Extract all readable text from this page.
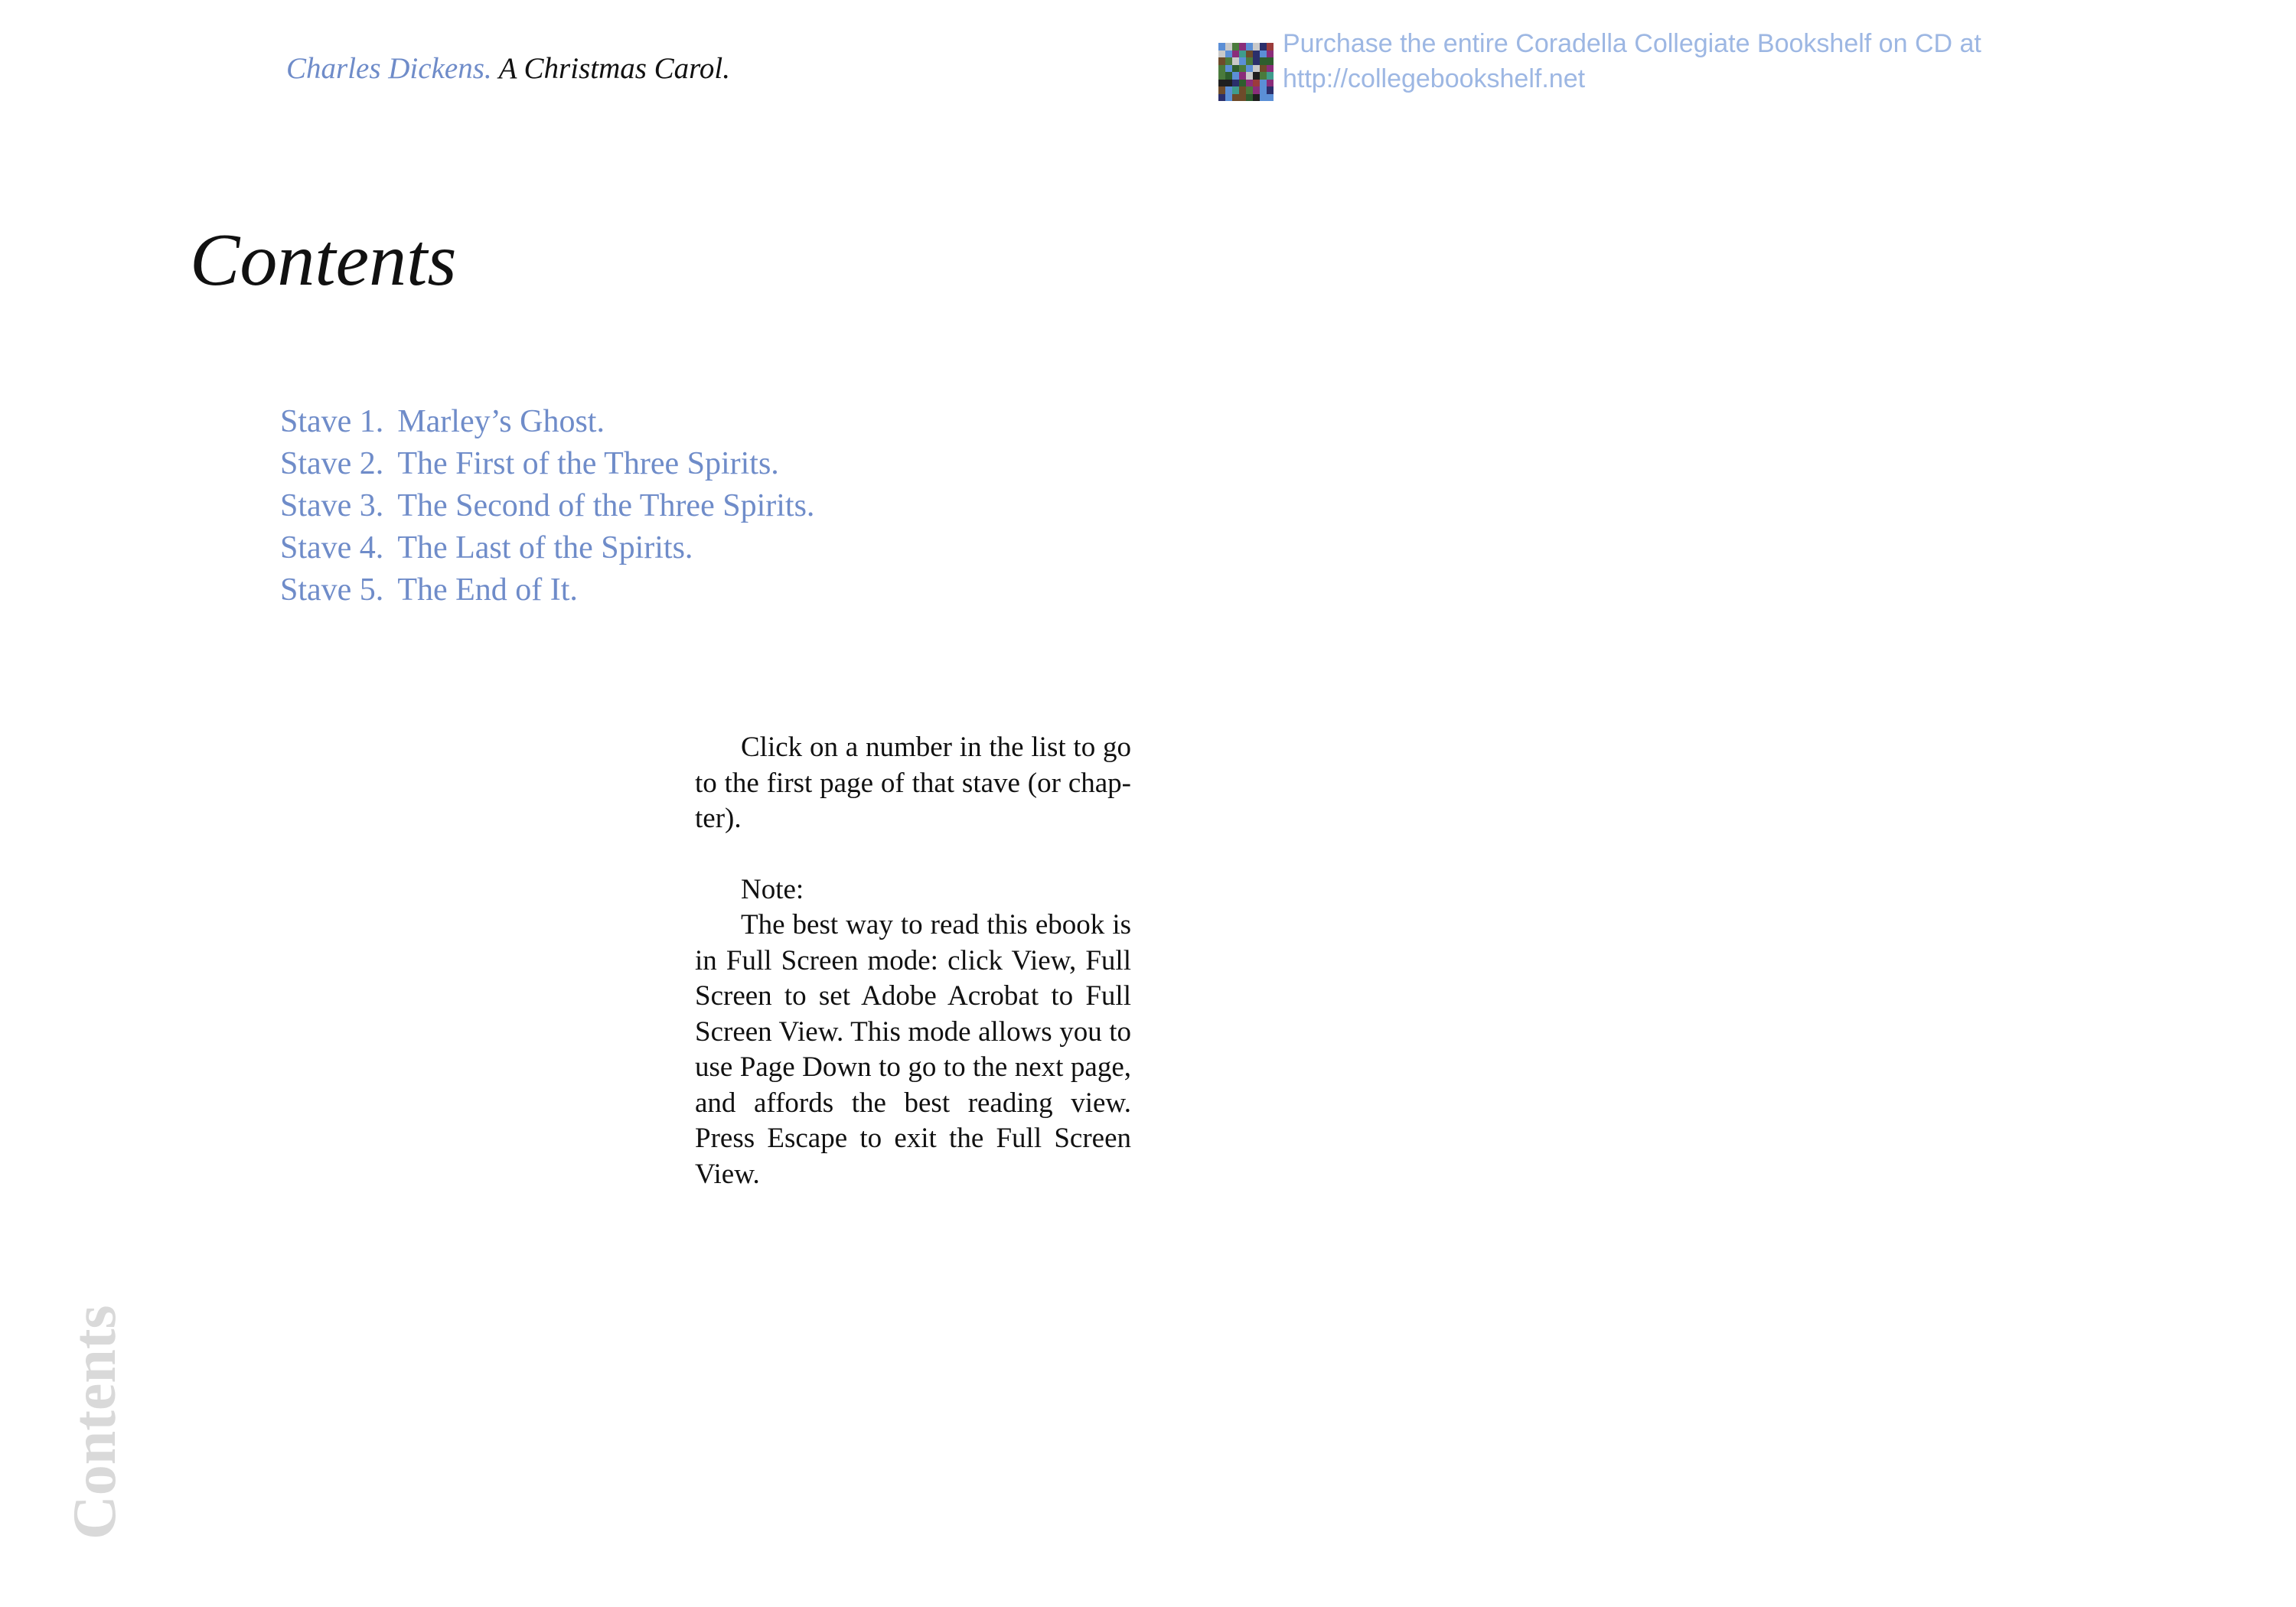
Charles Dickens. A Christmas Carol.
Purchase the entire Coradella Collegiate Bookshelf on CD at
http://collegebookshelf.net
Contents
Stave 1. Marley’s Ghost.
Stave 2. The First of the Three Spirits.
Stave 3. The Second of the Three Spirits.
Stave 4. The Last of the Spirits.
Stave 5. The End of It.

Click on a number in the list to go to the first page of that stave (or chapter).

Note:

The best way to read this ebook is in Full Screen mode: click View, Full Screen to set Adobe Acrobat to Full Screen View. This mode allows you to use Page Down to go to the next page, and affords the best reading view. Press Escape to exit the Full Screen View.

Contents
